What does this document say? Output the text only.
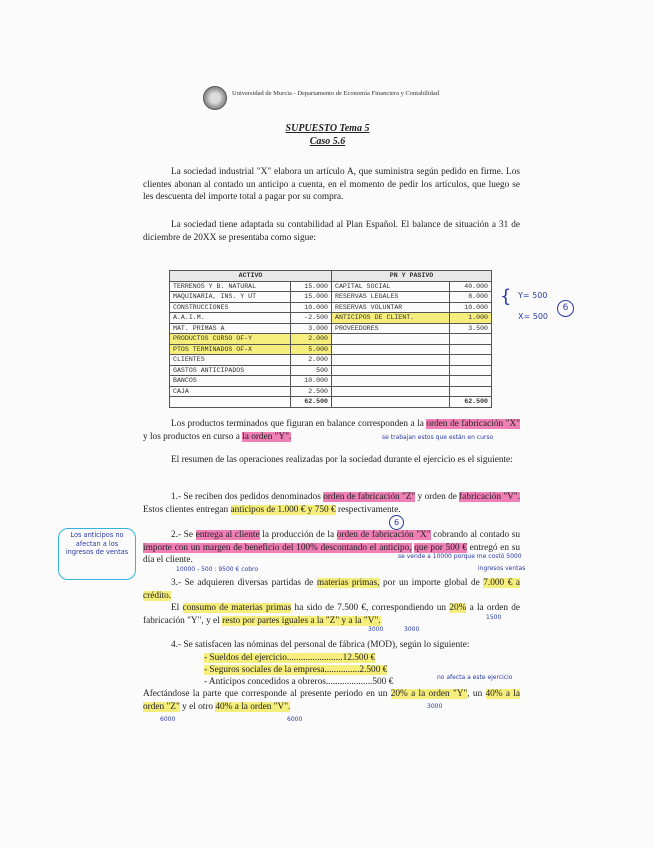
Universidad de Murcia - Departamento de Economía Financiera y Contabilidad
SUPUESTO Tema 5
Caso 5.6
La sociedad industrial "X" elabora un artículo A, que suministra según pedido en firme. Los clientes abonan al contado un anticipo a cuenta, en el momento de pedir los artículos, que luego se les descuenta del importe total a pagar por su compra.
La sociedad tiene adaptada su contabilidad al Plan Español. El balance de situación a 31 de diciembre de 20XX se presentaba como sigue:
ACTIVO		PN Y PASIVO	
TERRENOS Y B. NATURAL	15.000	CAPITAL SOCIAL	40.000
MAQUINARIA, INS. Y UT	15.000	RESERVAS LEGALES	8.000
CONSTRUCCIONES	10.000	RESERVAS VOLUNTAR	10.000
A.A.I.M.	-2.500	ANTICIPOS DE CLIENT.	1.000
MAT. PRIMAS A	3.000	PROVEEDORES	3.500
PRODUCTOS CURSO OF-Y	2.000		
PTOS TERMINADOS OF-X	5.000		
CLIENTES	2.000		
GASTOS ANTICIPADOS	500		
BANCOS	10.000		
CAJA	2.500		
	62.500		62.500
Y= 500
X= 500
{
6
Los productos terminados que figuran en balance corresponden a la orden de fabricación "X" y los productos en curso a la orden "Y".	se trabajan estos que están en curso
El resumen de las operaciones realizadas por la sociedad durante el ejercicio es el siguiente:
1.- Se reciben dos pedidos denominados orden de fabricación "Z" y orden de fabricación "V". Estos clientes entregan anticipos de 1.000 € y 750 € respectivamente.
6
2.- Se entrega al cliente la producción de la orden de fabricación "X" cobrando al contado su importe con un margen de beneficio del 100% descontando el anticipo, que por 500 € entregó en su día el cliente.
Los anticipos no afectan a los ingresos de ventas
se vende a 10000 porque me costó 5000
ingresos ventas
10000 - 500 : 9500 € cobro
3.- Se adquieren diversas partidas de materias primas, por un importe global de 7.000 € a crédito.
El consumo de materias primas ha sido de 7.500 €, correspondiendo un 20% a la orden de fabricación "Y", y el resto por partes iguales a la "Z" y a la "V".
3000	3000
1500
4.- Se satisfacen las nóminas del personal de fábrica (MOD), según lo siguiente:
- Sueldos del ejercicio........................12.500 €
- Seguros sociales de la empresa...............2.500 €
- Anticipos concedidos a obreros....................500 €	no afecta a este ejercicio
Afectándose la parte que corresponde al presente periodo en un 20% a la orden "Y", un 40% a la orden "Z" y el otro 40% a la orden "V".	3000
6000	6000
